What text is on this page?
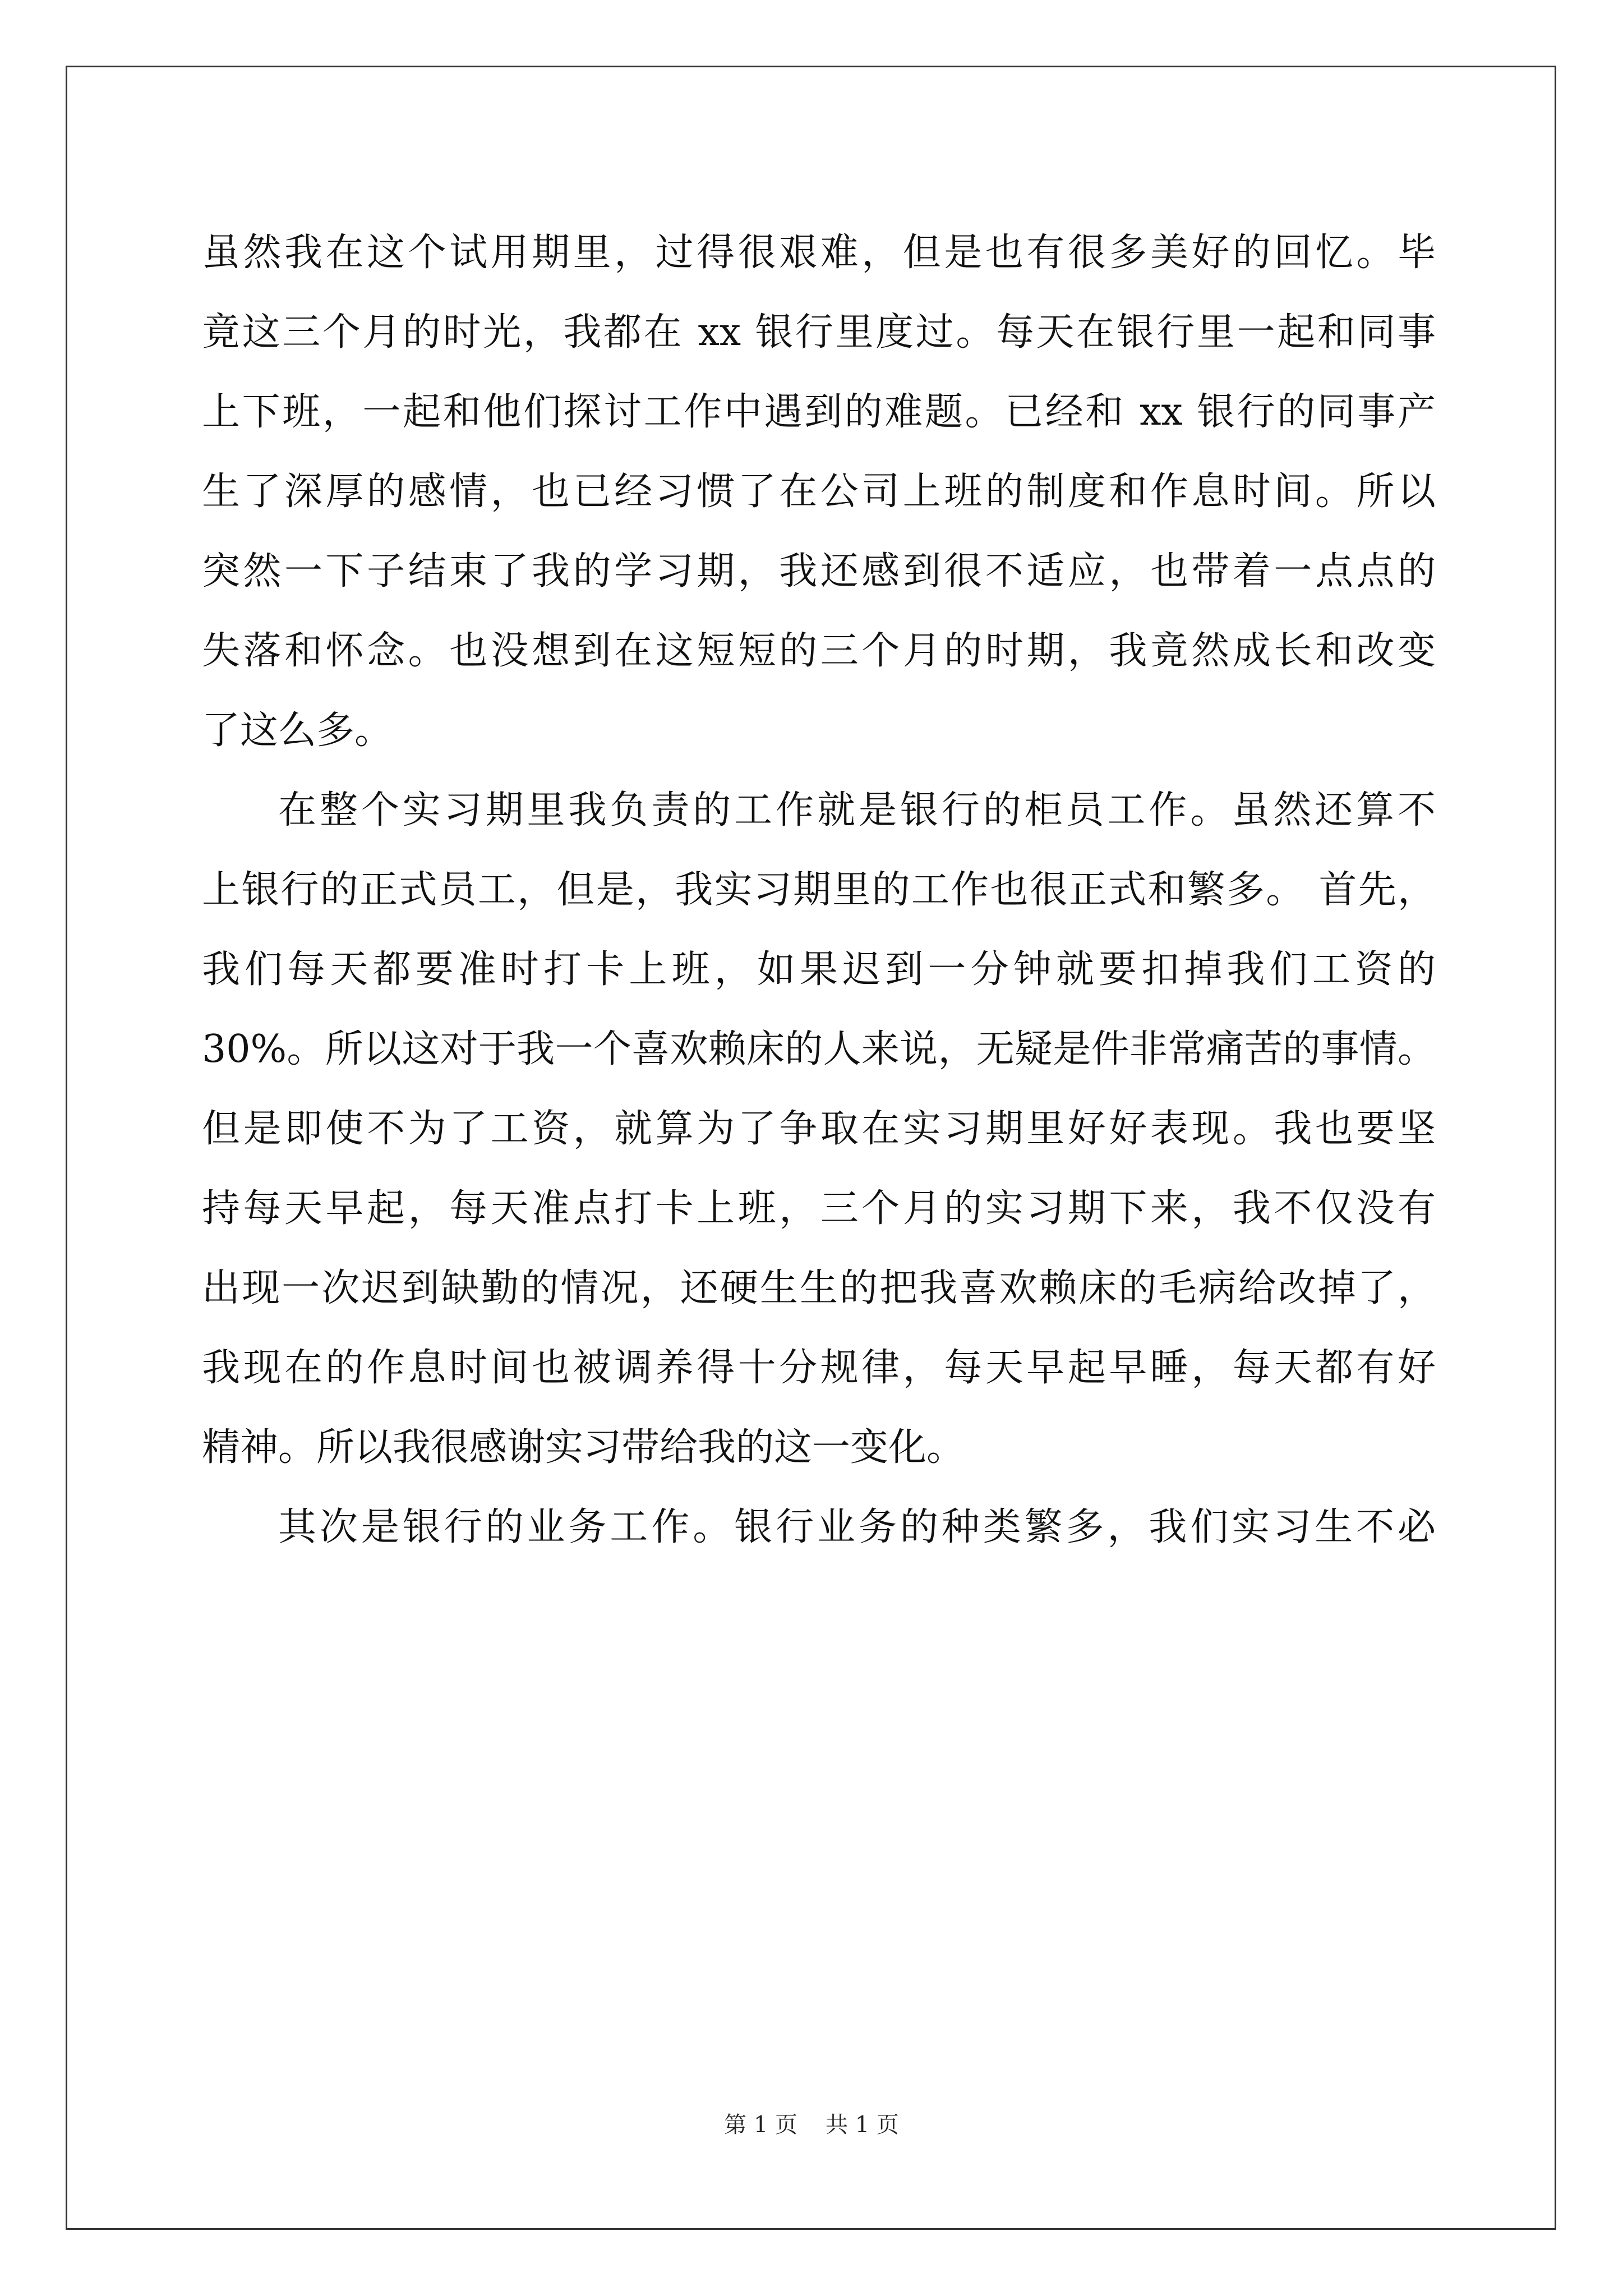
虽然我在这个试用期里，过得很艰难，但是也有很多美好的回忆。毕
竟这三个月的时光，我都在 xx 银行里度过。每天在银行里一起和同事
上下班，一起和他们探讨工作中遇到的难题。已经和 xx 银行的同事产
生了深厚的感情，也已经习惯了在公司上班的制度和作息时间。所以
突然一下子结束了我的学习期，我还感到很不适应，也带着一点点的
失落和怀念。也没想到在这短短的三个月的时期，我竟然成长和改变
了这么多。
在整个实习期里我负责的工作就是银行的柜员工作。虽然还算不
上银行的正式员工，但是，我实习期里的工作也很正式和繁多。 首先，
我们每天都要准时打卡上班，如果迟到一分钟就要扣掉我们工资的
30%。所以这对于我一个喜欢赖床的人来说，无疑是件非常痛苦的事情。
但是即使不为了工资，就算为了争取在实习期里好好表现。我也要坚
持每天早起，每天准点打卡上班，三个月的实习期下来，我不仅没有
出现一次迟到缺勤的情况，还硬生生的把我喜欢赖床的毛病给改掉了，
我现在的作息时间也被调养得十分规律，每天早起早睡，每天都有好
精神。所以我很感谢实习带给我的这一变化。
其次是银行的业务工作。银行业务的种类繁多，我们实习生不必
第 1 页 共 1 页
